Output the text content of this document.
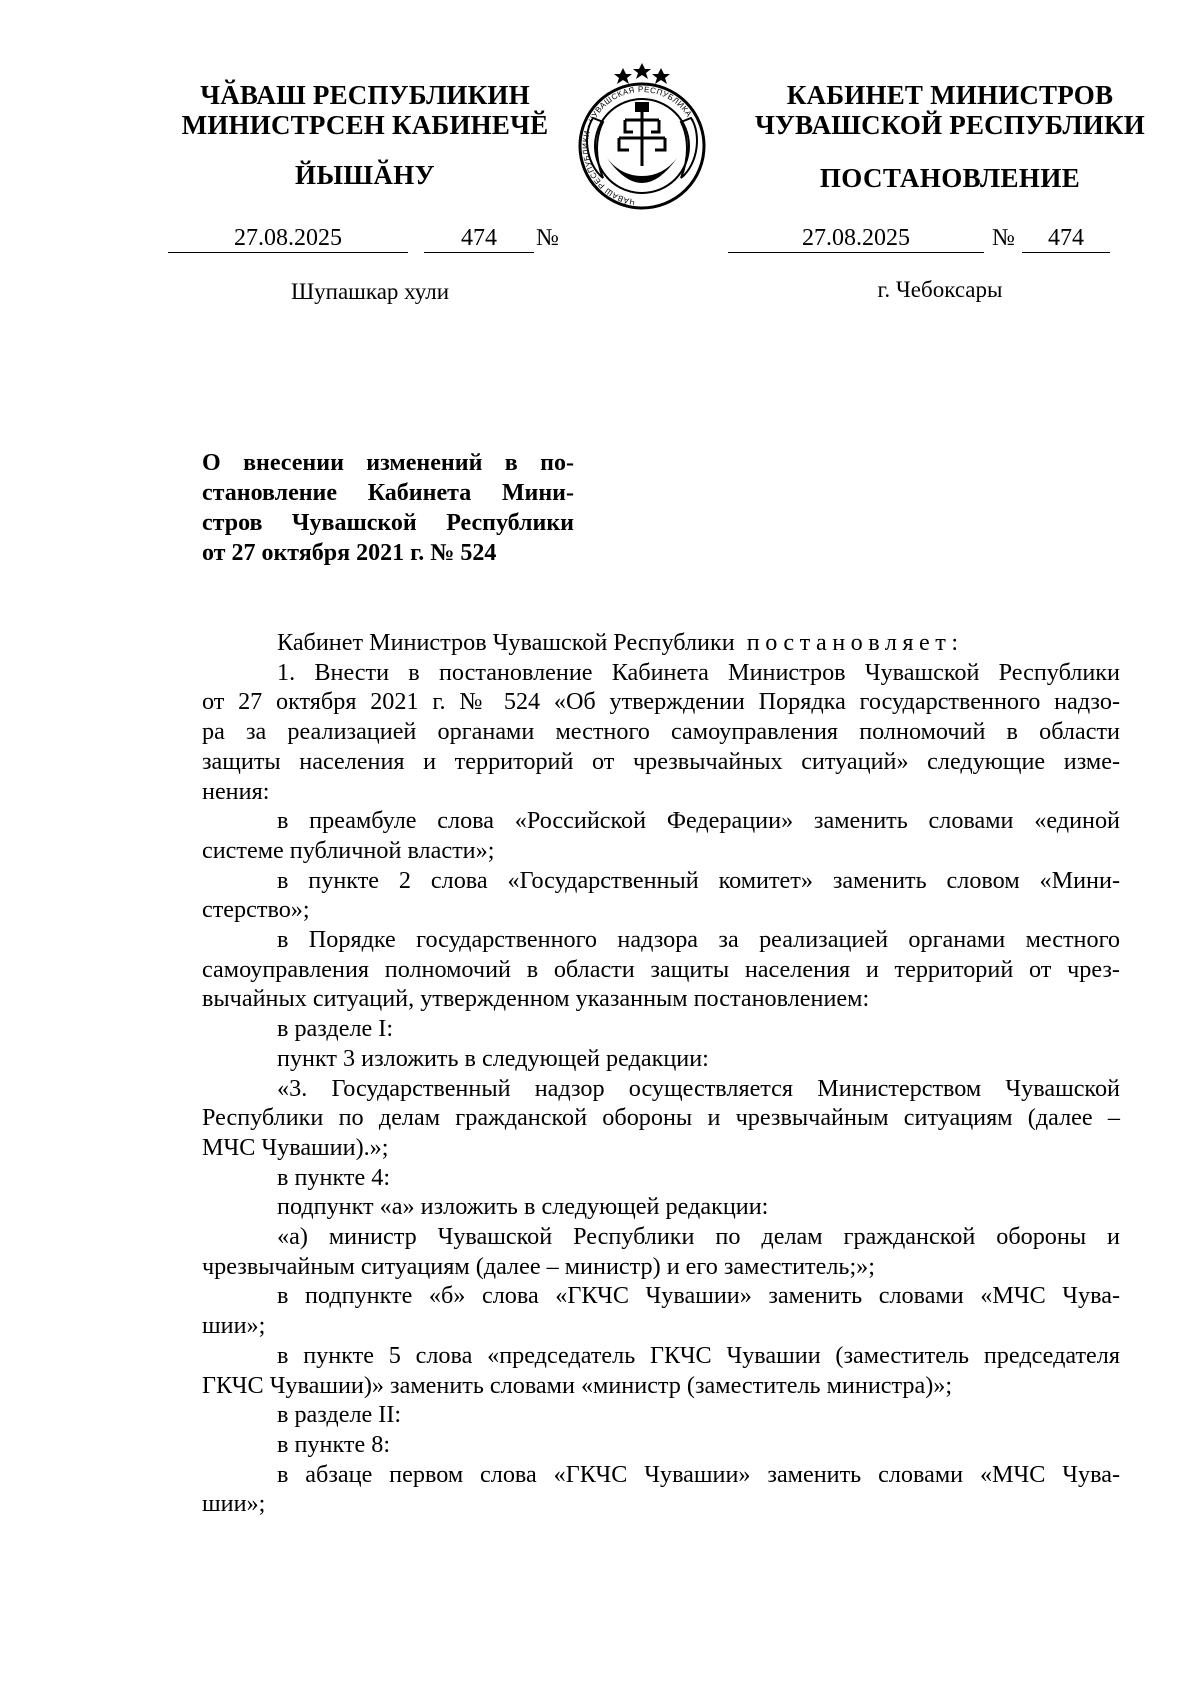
ЧӐВАШ РЕСПУБЛИКИН
МИНИСТРСЕН КАБИНЕЧӖ
ЙЫШӐНУ
ЧӐВАШ РЕСПУБЛИКИ • ЧУВАШСКАЯ РЕСПУБЛИКА •
КАБИНЕТ МИНИСТРОВ
ЧУВАШСКОЙ РЕСПУБЛИКИ
ПОСТАНОВЛЕНИЕ
27.08.2025	474	№	27.08.2025	№	474
Шупашкар хули	г. Чебоксары
О внесении изменений в по-
становление Кабинета Мини-
стров Чувашской Республики
от 27 октября 2021 г. № 524
Кабинет Министров Чувашской Республики постановляет:
1. Внести в постановление Кабинета Министров Чувашской Республики
от 27 октября 2021 г. № 524 «Об утверждении Порядка государственного надзо-
ра за реализацией органами местного самоуправления полномочий в области
защиты населения и территорий от чрезвычайных ситуаций» следующие изме-
нения:
в преамбуле слова «Российской Федерации» заменить словами «единой
системе публичной власти»;
в пункте 2 слова «Государственный комитет» заменить словом «Мини-
стерство»;
в Порядке государственного надзора за реализацией органами местного
самоуправления полномочий в области защиты населения и территорий от чрез-
вычайных ситуаций, утвержденном указанным постановлением:
в разделе I:
пункт 3 изложить в следующей редакции:
«3. Государственный надзор осуществляется Министерством Чувашской
Республики по делам гражданской обороны и чрезвычайным ситуациям (далее –
МЧС Чувашии).»;
в пункте 4:
подпункт «а» изложить в следующей редакции:
«а) министр Чувашской Республики по делам гражданской обороны и
чрезвычайным ситуациям (далее – министр) и его заместитель;»;
в подпункте «б» слова «ГКЧС Чувашии» заменить словами «МЧС Чува-
шии»;
в пункте 5 слова «председатель ГКЧС Чувашии (заместитель председателя
ГКЧС Чувашии)» заменить словами «министр (заместитель министра)»;
в разделе II:
в пункте 8:
в абзаце первом слова «ГКЧС Чувашии» заменить словами «МЧС Чува-
шии»;
